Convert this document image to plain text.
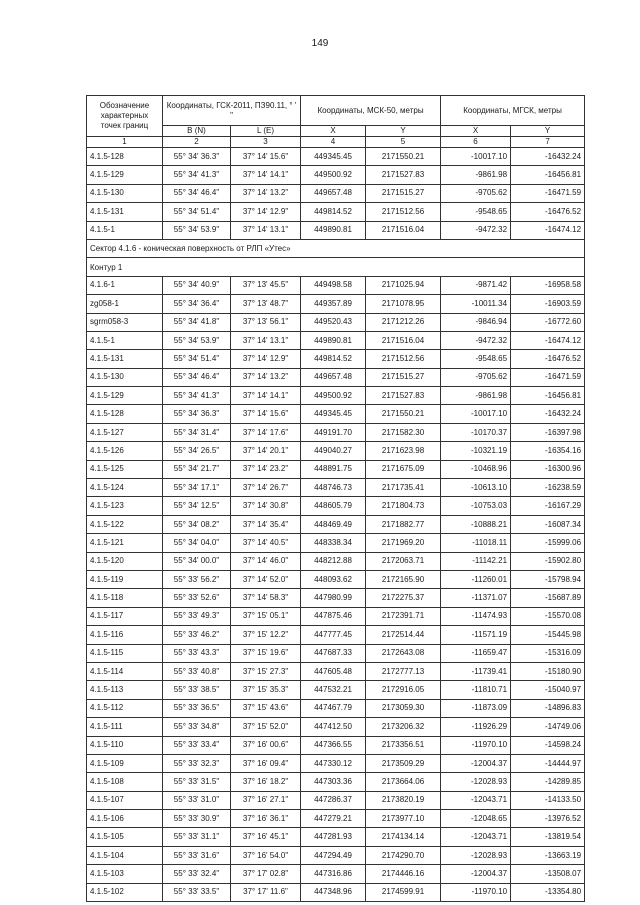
149
Обозначение характерных точек границ	Координаты, ГСК-2011, ПЗ90.11, ° ' "		Координаты, МСК-50, метры		Координаты, МГСК, метры	
	B (N)	L (E)	X	Y	X	Y
1	2	3	4	5	6	7
4.1.5-128	55° 34' 36.3"	37° 14' 15.6"	449345.45	2171550.21	-10017.10	-16432.24
4.1.5-129	55° 34' 41.3"	37° 14' 14.1"	449500.92	2171527.83	-9861.98	-16456.81
4.1.5-130	55° 34' 46.4"	37° 14' 13.2"	449657.48	2171515.27	-9705.62	-16471.59
4.1.5-131	55° 34' 51.4"	37° 14' 12.9"	449814.52	2171512.56	-9548.65	-16476.52
4.1.5-1	55° 34' 53.9"	37° 14' 13.1"	449890.81	2171516.04	-9472.32	-16474.12
Сектор 4.1.6 - коническая поверхность от РЛП «Утес»						
Контур 1						
4.1.6-1	55° 34' 40.9"	37° 13' 45.5"	449498.58	2171025.94	-9871.42	-16958.58
zg058-1	55° 34' 36.4"	37° 13' 48.7"	449357.89	2171078.95	-10011.34	-16903.59
sgrm058-3	55° 34' 41.8"	37° 13' 56.1"	449520.43	2171212.26	-9846.94	-16772.60
4.1.5-1	55° 34' 53.9"	37° 14' 13.1"	449890.81	2171516.04	-9472.32	-16474.12
4.1.5-131	55° 34' 51.4"	37° 14' 12.9"	449814.52	2171512.56	-9548.65	-16476.52
4.1.5-130	55° 34' 46.4"	37° 14' 13.2"	449657.48	2171515.27	-9705.62	-16471.59
4.1.5-129	55° 34' 41.3"	37° 14' 14.1"	449500.92	2171527.83	-9861.98	-16456.81
4.1.5-128	55° 34' 36.3"	37° 14' 15.6"	449345.45	2171550.21	-10017.10	-16432.24
4.1.5-127	55° 34' 31.4"	37° 14' 17.6"	449191.70	2171582.30	-10170.37	-16397.98
4.1.5-126	55° 34' 26.5"	37° 14' 20.1"	449040.27	2171623.98	-10321.19	-16354.16
4.1.5-125	55° 34' 21.7"	37° 14' 23.2"	448891.75	2171675.09	-10468.96	-16300.96
4.1.5-124	55° 34' 17.1"	37° 14' 26.7"	448746.73	2171735.41	-10613.10	-16238.59
4.1.5-123	55° 34' 12.5"	37° 14' 30.8"	448605.79	2171804.73	-10753.03	-16167.29
4.1.5-122	55° 34' 08.2"	37° 14' 35.4"	448469.49	2171882.77	-10888.21	-16087.34
4.1.5-121	55° 34' 04.0"	37° 14' 40.5"	448338.34	2171969.20	-11018.11	-15999.06
4.1.5-120	55° 34' 00.0"	37° 14' 46.0"	448212.88	2172063.71	-11142.21	-15902.80
4.1.5-119	55° 33' 56.2"	37° 14' 52.0"	448093.62	2172165.90	-11260.01	-15798.94
4.1.5-118	55° 33' 52.6"	37° 14' 58.3"	447980.99	2172275.37	-11371.07	-15687.89
4.1.5-117	55° 33' 49.3"	37° 15' 05.1"	447875.46	2172391.71	-11474.93	-15570.08
4.1.5-116	55° 33' 46.2"	37° 15' 12.2"	447777.45	2172514.44	-11571.19	-15445.98
4.1.5-115	55° 33' 43.3"	37° 15' 19.6"	447687.33	2172643.08	-11659.47	-15316.09
4.1.5-114	55° 33' 40.8"	37° 15' 27.3"	447605.48	2172777.13	-11739.41	-15180.90
4.1.5-113	55° 33' 38.5"	37° 15' 35.3"	447532.21	2172916.05	-11810.71	-15040.97
4.1.5-112	55° 33' 36.5"	37° 15' 43.6"	447467.79	2173059.30	-11873.09	-14896.83
4.1.5-111	55° 33' 34.8"	37° 15' 52.0"	447412.50	2173206.32	-11926.29	-14749.06
4.1.5-110	55° 33' 33.4"	37° 16' 00.6"	447366.55	2173356.51	-11970.10	-14598.24
4.1.5-109	55° 33' 32.3"	37° 16' 09.4"	447330.12	2173509.29	-12004.37	-14444.97
4.1.5-108	55° 33' 31.5"	37° 16' 18.2"	447303.36	2173664.06	-12028.93	-14289.85
4.1.5-107	55° 33' 31.0"	37° 16' 27.1"	447286.37	2173820.19	-12043.71	-14133.50
4.1.5-106	55° 33' 30.9"	37° 16' 36.1"	447279.21	2173977.10	-12048.65	-13976.52
4.1.5-105	55° 33' 31.1"	37° 16' 45.1"	447281.93	2174134.14	-12043.71	-13819.54
4.1.5-104	55° 33' 31.6"	37° 16' 54.0"	447294.49	2174290.70	-12028.93	-13663.19
4.1.5-103	55° 33' 32.4"	37° 17' 02.8"	447316.86	2174446.16	-12004.37	-13508.07
4.1.5-102	55° 33' 33.5"	37° 17' 11.6"	447348.96	2174599.91	-11970.10	-13354.80
